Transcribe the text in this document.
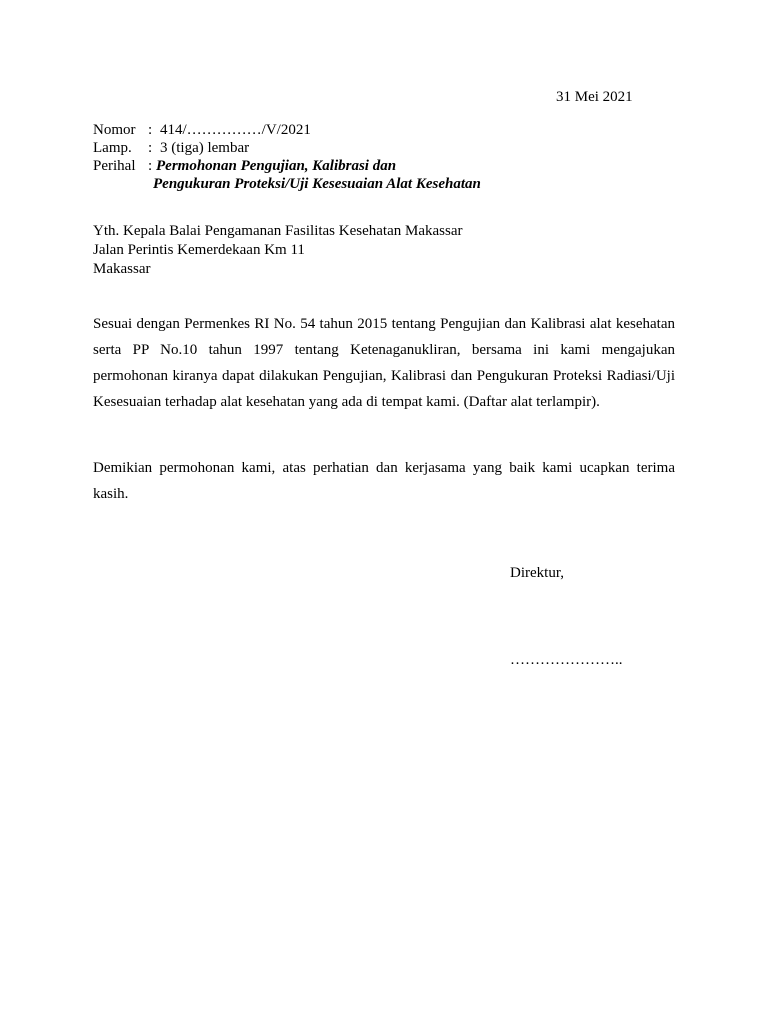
31 Mei 2021
Nomor : 414/……………/V/2021
Lamp.	: 3 (tiga) lembar
Perihal : Permohonan Pengujian, Kalibrasi dan
Pengukuran Proteksi/Uji Kesesuaian Alat Kesehatan
Yth. Kepala Balai Pengamanan Fasilitas Kesehatan Makassar
Jalan Perintis Kemerdekaan Km 11
Makassar
Sesuai dengan Permenkes RI No. 54 tahun 2015 tentang Pengujian dan Kalibrasi alat kesehatan serta PP No.10 tahun 1997 tentang Ketenaganukliran, bersama ini kami mengajukan permohonan kiranya dapat dilakukan Pengujian, Kalibrasi dan Pengukuran Proteksi Radiasi/Uji Kesesuaian terhadap alat kesehatan yang ada di tempat kami. (Daftar alat terlampir).
Demikian permohonan kami, atas perhatian dan kerjasama yang baik kami ucapkan terima kasih.
Direktur,
…………………..
